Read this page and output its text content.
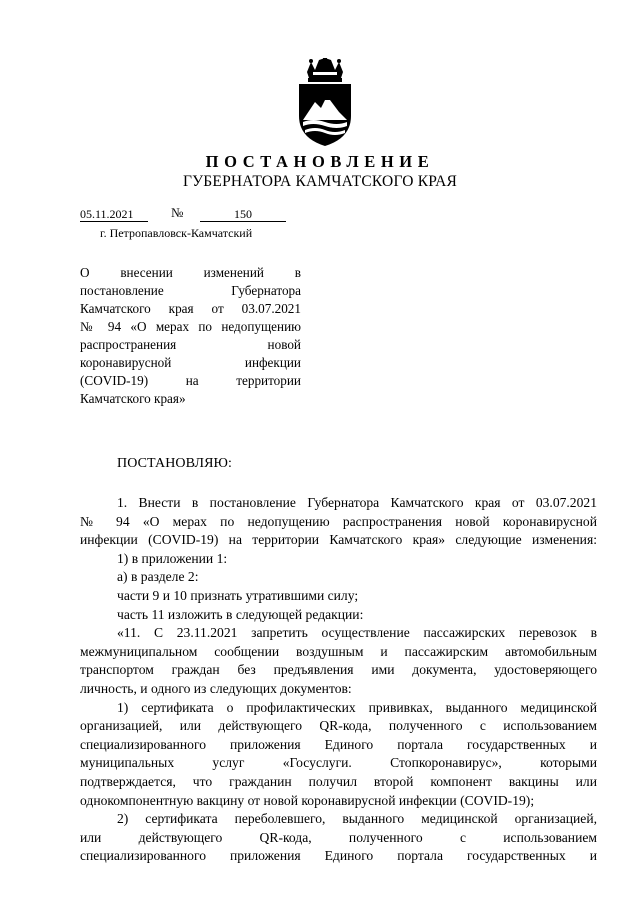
ПОСТАНОВЛЕНИЕ
ГУБЕРНАТОРА КАМЧАТСКОГО КРАЯ
05.11.2021	№	150
г. Петропавловск-Камчатский
О внесении изменений в
постановление Губернатора
Камчатского края от 03.07.2021
№ 94 «О мерах по недопущению
распространения новой
коронавирусной инфекции
(COVID-19) на территории
Камчатского края»
ПОСТАНОВЛЯЮ:
1. Внести в постановление Губернатора Камчатского края от 03.07.2021
№ 94 «О мерах по недопущению распространения новой коронавирусной
инфекции (COVID-19) на территории Камчатского края» следующие изменения:
1) в приложении 1:
а) в разделе 2:
части 9 и 10 признать утратившими силу;
часть 11 изложить в следующей редакции:
«11. С 23.11.2021 запретить осуществление пассажирских перевозок в
межмуниципальном сообщении воздушным и пассажирским автомобильным
транспортом граждан без предъявления ими документа, удостоверяющего
личность, и одного из следующих документов:
1) сертификата о профилактических прививках, выданного медицинской
организацией, или действующего QR-кода, полученного с использованием
специализированного приложения Единого портала государственных и
муниципальных услуг «Госуслуги. Стопкоронавирус», которыми
подтверждается, что гражданин получил второй компонент вакцины или
однокомпонентную вакцину от новой коронавирусной инфекции (COVID-19);
2) сертификата переболевшего, выданного медицинской организацией,
или действующего QR-кода, полученного с использованием
специализированного приложения Единого портала государственных и
